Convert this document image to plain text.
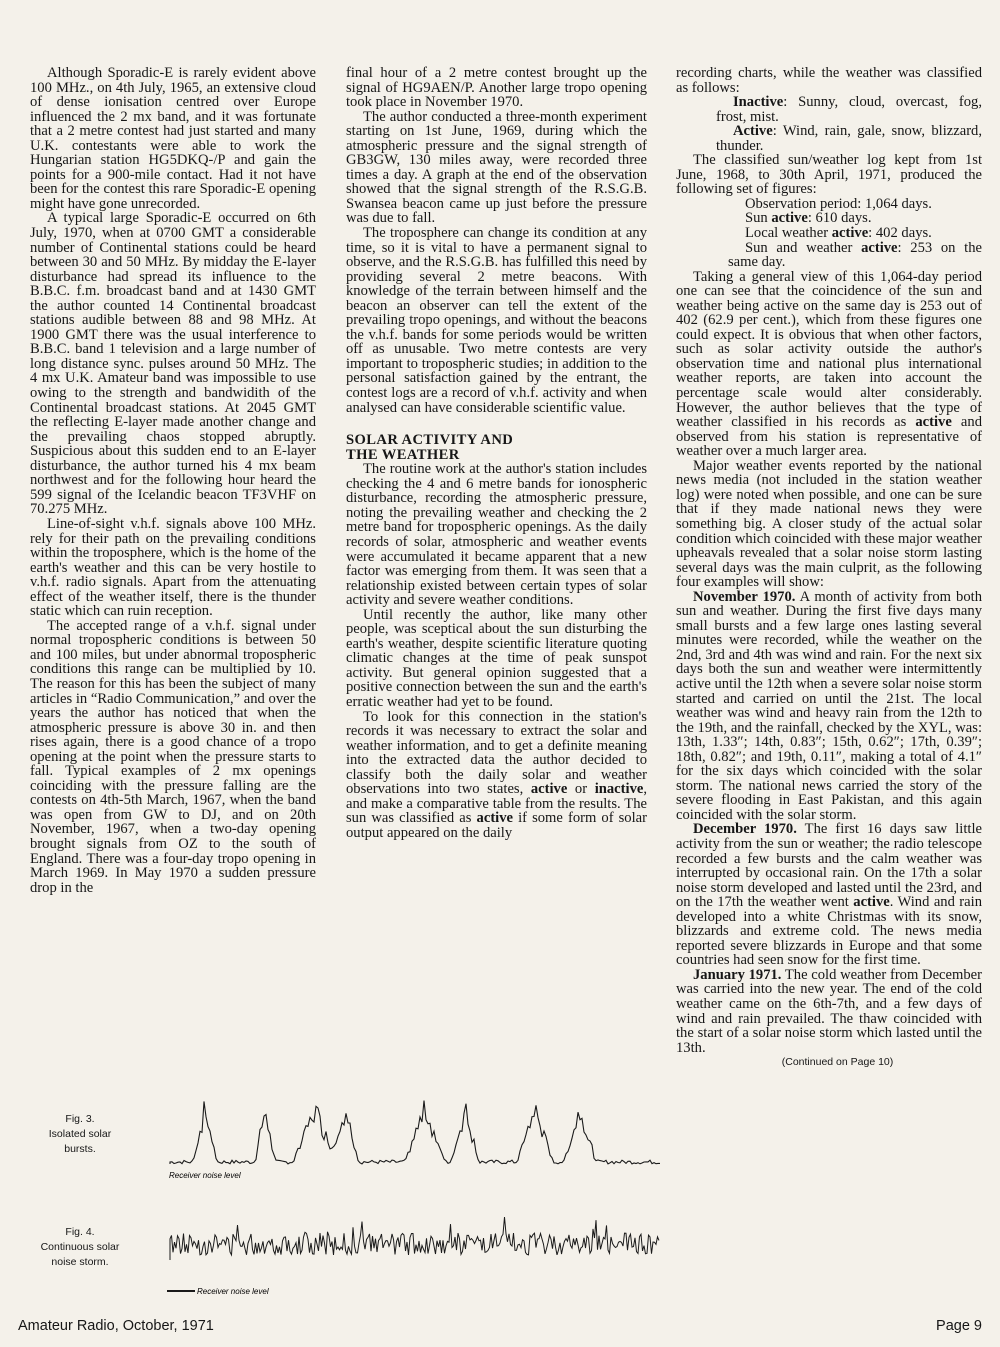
Although Sporadic-E is rarely evident above 100 MHz., on 4th July, 1965, an extensive cloud of dense ionisation centred over Europe influenced the 2 mx band, and it was fortunate that a 2 metre contest had just started and many U.K. contestants were able to work the Hungarian station HG5DKQ-/P and gain the points for a 900-mile contact. Had it not have been for the contest this rare Sporadic-E opening might have gone unrecorded.

A typical large Sporadic-E occurred on 6th July, 1970, when at 0700 GMT a considerable number of Continental stations could be heard between 30 and 50 MHz. By midday the E-layer disturbance had spread its influence to the B.B.C. f.m. broadcast band and at 1430 GMT the author counted 14 Continental broadcast stations audible between 88 and 98 MHz. At 1900 GMT there was the usual interference to B.B.C. band 1 television and a large number of long distance sync. pulses around 50 MHz. The 4 mx U.K. Amateur band was impossible to use owing to the strength and bandwidith of the Continental broadcast stations. At 2045 GMT the reflecting E-layer made another change and the prevailing chaos stopped abruptly. Suspicious about this sudden end to an E-layer disturbance, the author turned his 4 mx beam northwest and for the following hour heard the 599 signal of the Icelandic beacon TF3VHF on 70.275 MHz.

Line-of-sight v.h.f. signals above 100 MHz. rely for their path on the prevailing conditions within the troposphere, which is the home of the earth's weather and this can be very hostile to v.h.f. radio signals. Apart from the attenuating effect of the weather itself, there is the thunder static which can ruin reception.

The accepted range of a v.h.f. signal under normal tropospheric conditions is between 50 and 100 miles, but under abnormal tropospheric conditions this range can be multiplied by 10. The reason for this has been the subject of many articles in “Radio Communication,” and over the years the author has noticed that when the atmospheric pressure is above 30 in. and then rises again, there is a good chance of a tropo opening at the point when the pressure starts to fall. Typical examples of 2 mx openings coinciding with the pressure falling are the contests on 4th-5th March, 1967, when the band was open from GW to DJ, and on 20th November, 1967, when a two-day opening brought signals from OZ to the south of England. There was a four-day tropo opening in March 1969. In May 1970 a sudden pressure drop in the

final hour of a 2 metre contest brought up the signal of HG9AEN/P. Another large tropo opening took place in November 1970.

The author conducted a three-month experiment starting on 1st June, 1969, during which the atmospheric pressure and the signal strength of GB3GW, 130 miles away, were recorded three times a day. A graph at the end of the observation showed that the signal strength of the R.S.G.B. Swansea beacon came up just before the pressure was due to fall.

The troposphere can change its condition at any time, so it is vital to have a permanent signal to observe, and the R.S.G.B. has fulfilled this need by providing several 2 metre beacons. With knowledge of the terrain between himself and the beacon an observer can tell the extent of the prevailing tropo openings, and without the beacons the v.h.f. bands for some periods would be written off as unusable. Two metre contests are very important to tropospheric studies; in addition to the personal satisfaction gained by the entrant, the contest logs are a record of v.h.f. activity and when analysed can have considerable scientific value.

SOLAR ACTIVITY AND
THE WEATHER

The routine work at the author's station includes checking the 4 and 6 metre bands for ionospheric disturbance, recording the atmospheric pressure, noting the prevailing weather and checking the 2 metre band for tropospheric openings. As the daily records of solar, atmospheric and weather events were accumulated it became apparent that a new factor was emerging from them. It was seen that a relationship existed between certain types of solar activity and severe weather conditions.

Until recently the author, like many other people, was sceptical about the sun disturbing the earth's weather, despite scientific literature quoting climatic changes at the time of peak sunspot activity. But general opinion suggested that a positive connection between the sun and the earth's erratic weather had yet to be found.

To look for this connection in the station's records it was necessary to extract the solar and weather information, and to get a definite meaning into the extracted data the author decided to classify both the daily solar and weather observations into two states, active or inactive, and make a comparative table from the results. The sun was classified as active if some form of solar output appeared on the daily

recording charts, while the weather was classified as follows:

Inactive: Sunny, cloud, overcast, fog, frost, mist.

Active: Wind, rain, gale, snow, blizzard, thunder.

The classified sun/weather log kept from 1st June, 1968, to 30th April, 1971, produced the following set of figures:

Observation period: 1,064 days.

Sun active: 610 days.

Local weather active: 402 days.

Sun and weather active: 253 on the same day.

Taking a general view of this 1,064-day period one can see that the coincidence of the sun and weather being active on the same day is 253 out of 402 (62.9 per cent.), which from these figures one could expect. It is obvious that when other factors, such as solar activity outside the author's observation time and national plus international weather reports, are taken into account the percentage scale would alter considerably. However, the author believes that the type of weather classified in his records as active and observed from his station is representative of weather over a much larger area.

Major weather events reported by the national news media (not included in the station weather log) were noted when possible, and one can be sure that if they made national news they were something big. A closer study of the actual solar condition which coincided with these major weather upheavals revealed that a solar noise storm lasting several days was the main culprit, as the following four examples will show:

November 1970. A month of activity from both sun and weather. During the first five days many small bursts and a few large ones lasting several minutes were recorded, while the weather on the 2nd, 3rd and 4th was wind and rain. For the next six days both the sun and weather were intermittently active until the 12th when a severe solar noise storm started and carried on until the 21st. The local weather was wind and heavy rain from the 12th to the 19th, and the rainfall, checked by the XYL, was: 13th, 1.33″; 14th, 0.83″; 15th, 0.62″; 17th, 0.39″; 18th, 0.82″; and 19th, 0.11″, making a total of 4.1″ for the six days which coincided with the solar storm. The national news carried the story of the severe flooding in East Pakistan, and this again coincided with the solar storm.

December 1970. The first 16 days saw little activity from the sun or weather; the radio telescope recorded a few bursts and the calm weather was interrupted by occasional rain. On the 17th a solar noise storm developed and lasted until the 23rd, and on the 17th the weather went active. Wind and rain developed into a white Christmas with its snow, blizzards and extreme cold. The news media reported severe blizzards in Europe and that some countries had seen snow for the first time.

January 1971. The cold weather from December was carried into the new year. The end of the cold weather came on the 6th-7th, and a few days of wind and rain prevailed. The thaw coincided with the start of a solar noise storm which lasted until the 13th.

(Continued on Page 10)

Fig. 3.
Isolated solar
bursts.
Receiver noise level
Fig. 4.
Continuous solar
noise storm.
Receiver noise level
Amateur Radio, October, 1971	Page 9
